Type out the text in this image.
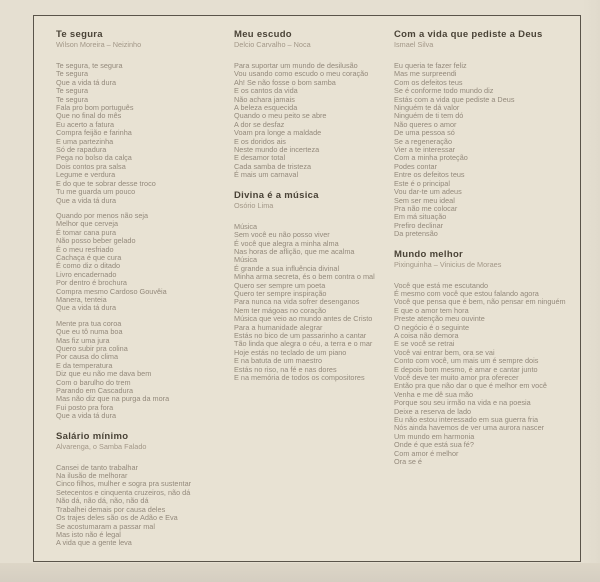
Te segura
Wilson Moreira – Neizinho
Te segura, te segura
Te segura
Que a vida tá dura
Te segura
Te segura
Fala pro bom português
Que no final do mês
Eu acerto a fatura
Compra feijão e farinha
E uma partezinha
Só de rapadura
Pega no bolso da calça
Dois contos pra salsa
Legume e verdura
E do que te sobrar desse troco
Tu me guarda um pouco
Que a vida tá dura
Quando por menos não seja
Melhor que cerveja
É tomar cana pura
Não posso beber gelado
É o meu resfriado
Cachaça é que cura
É como diz o ditado
Livro encadernado
Por dentro é brochura
Compra mesmo Cardoso Gouvêia
Manera, tenteia
Que a vida tá dura
Mente pra tua coroa
Que eu tô numa boa
Mas fiz uma jura
Quero subir pra colina
Por causa do clima
E da temperatura
Diz que eu não me dava bem
Com o barulho do trem
Parando em Cascadura
Mas não diz que na purga da mora
Fui posto pra fora
Que a vida tá dura
Salário mínimo
Alvarenga, o Samba Falado
Cansei de tanto trabalhar
Na ilusão de melhorar
Cinco filhos, mulher e sogra pra sustentar
Setecentos e cinquenta cruzeiros, não dá
Não dá, não dá, não, não dá
Trabalhei demais por causa deles
Os trajes deles são os de Adão e Eva
Se acostumaram a passar mal
Mas isto não é legal
A vida que a gente leva
Meu escudo
Delcio Carvalho – Noca
Para suportar um mundo de desilusão
Vou usando como escudo o meu coração
Ah! Se não fosse o bom samba
E os cantos da vida
Não achara jamais
A beleza esquecida
Quando o meu peito se abre
A dor se desfaz
Voam pra longe a maldade
E os doridos ais
Neste mundo de incerteza
E desamor total
Cada samba de tristeza
É mais um carnaval
Divina é a música
Osório Lima
Música
Sem você eu não posso viver
É você que alegra a minha alma
Nas horas de aflição, que me acalma
Música
É grande a sua influência divinal
Minha arma secreta, és o bem contra o mal
Quero ser sempre um poeta
Quero ter sempre inspiração
Para nunca na vida sofrer desenganos
Nem ter mágoas no coração
Música que veio ao mundo antes de Cristo
Para a humanidade alegrar
Estás no bico de um passarinho a cantar
Tão linda que alegra o céu, a terra e o mar
Hoje estás no teclado de um piano
E na batuta de um maestro
Estás no riso, na fé e nas dores
E na memória de todos os compositores
Com a vida que pediste a Deus
Ismael Silva
Eu queria te fazer feliz
Mas me surpreendi
Com os defeitos teus
Se é conforme todo mundo diz
Estás com a vida que pediste a Deus
Ninguém te dá valor
Ninguém de ti tem dó
Não queres o amor
De uma pessoa só
Se a regeneração
Vier a te interessar
Com a minha proteção
Podes contar
Entre os defeitos teus
Este é o principal
Vou dar-te um adeus
Sem ser meu ideal
Pra não me colocar
Em má situação
Prefiro declinar
Da pretensão
Mundo melhor
Pixinguinha – Vinicius de Moraes
Você que está me escutando
É mesmo com você que estou falando agora
Você que pensa que é bem, não pensar em ninguém
E que o amor tem hora
Preste atenção meu ouvinte
O negócio é o seguinte
A coisa não demora
E se você se retrai
Você vai entrar bem, ora se vai
Conto com você, um mais um é sempre dois
E depois bom mesmo, é amar e cantar junto
Você deve ter muito amor pra oferecer
Então pra que não dar o que é melhor em você
Venha e me dê sua mão
Porque sou seu irmão na vida e na poesia
Deixe a reserva de lado
Eu não estou interessado em sua guerra fria
Nós ainda havemos de ver uma aurora nascer
Um mundo em harmonia
Onde é que está sua fé?
Com amor é melhor
Ora se é
